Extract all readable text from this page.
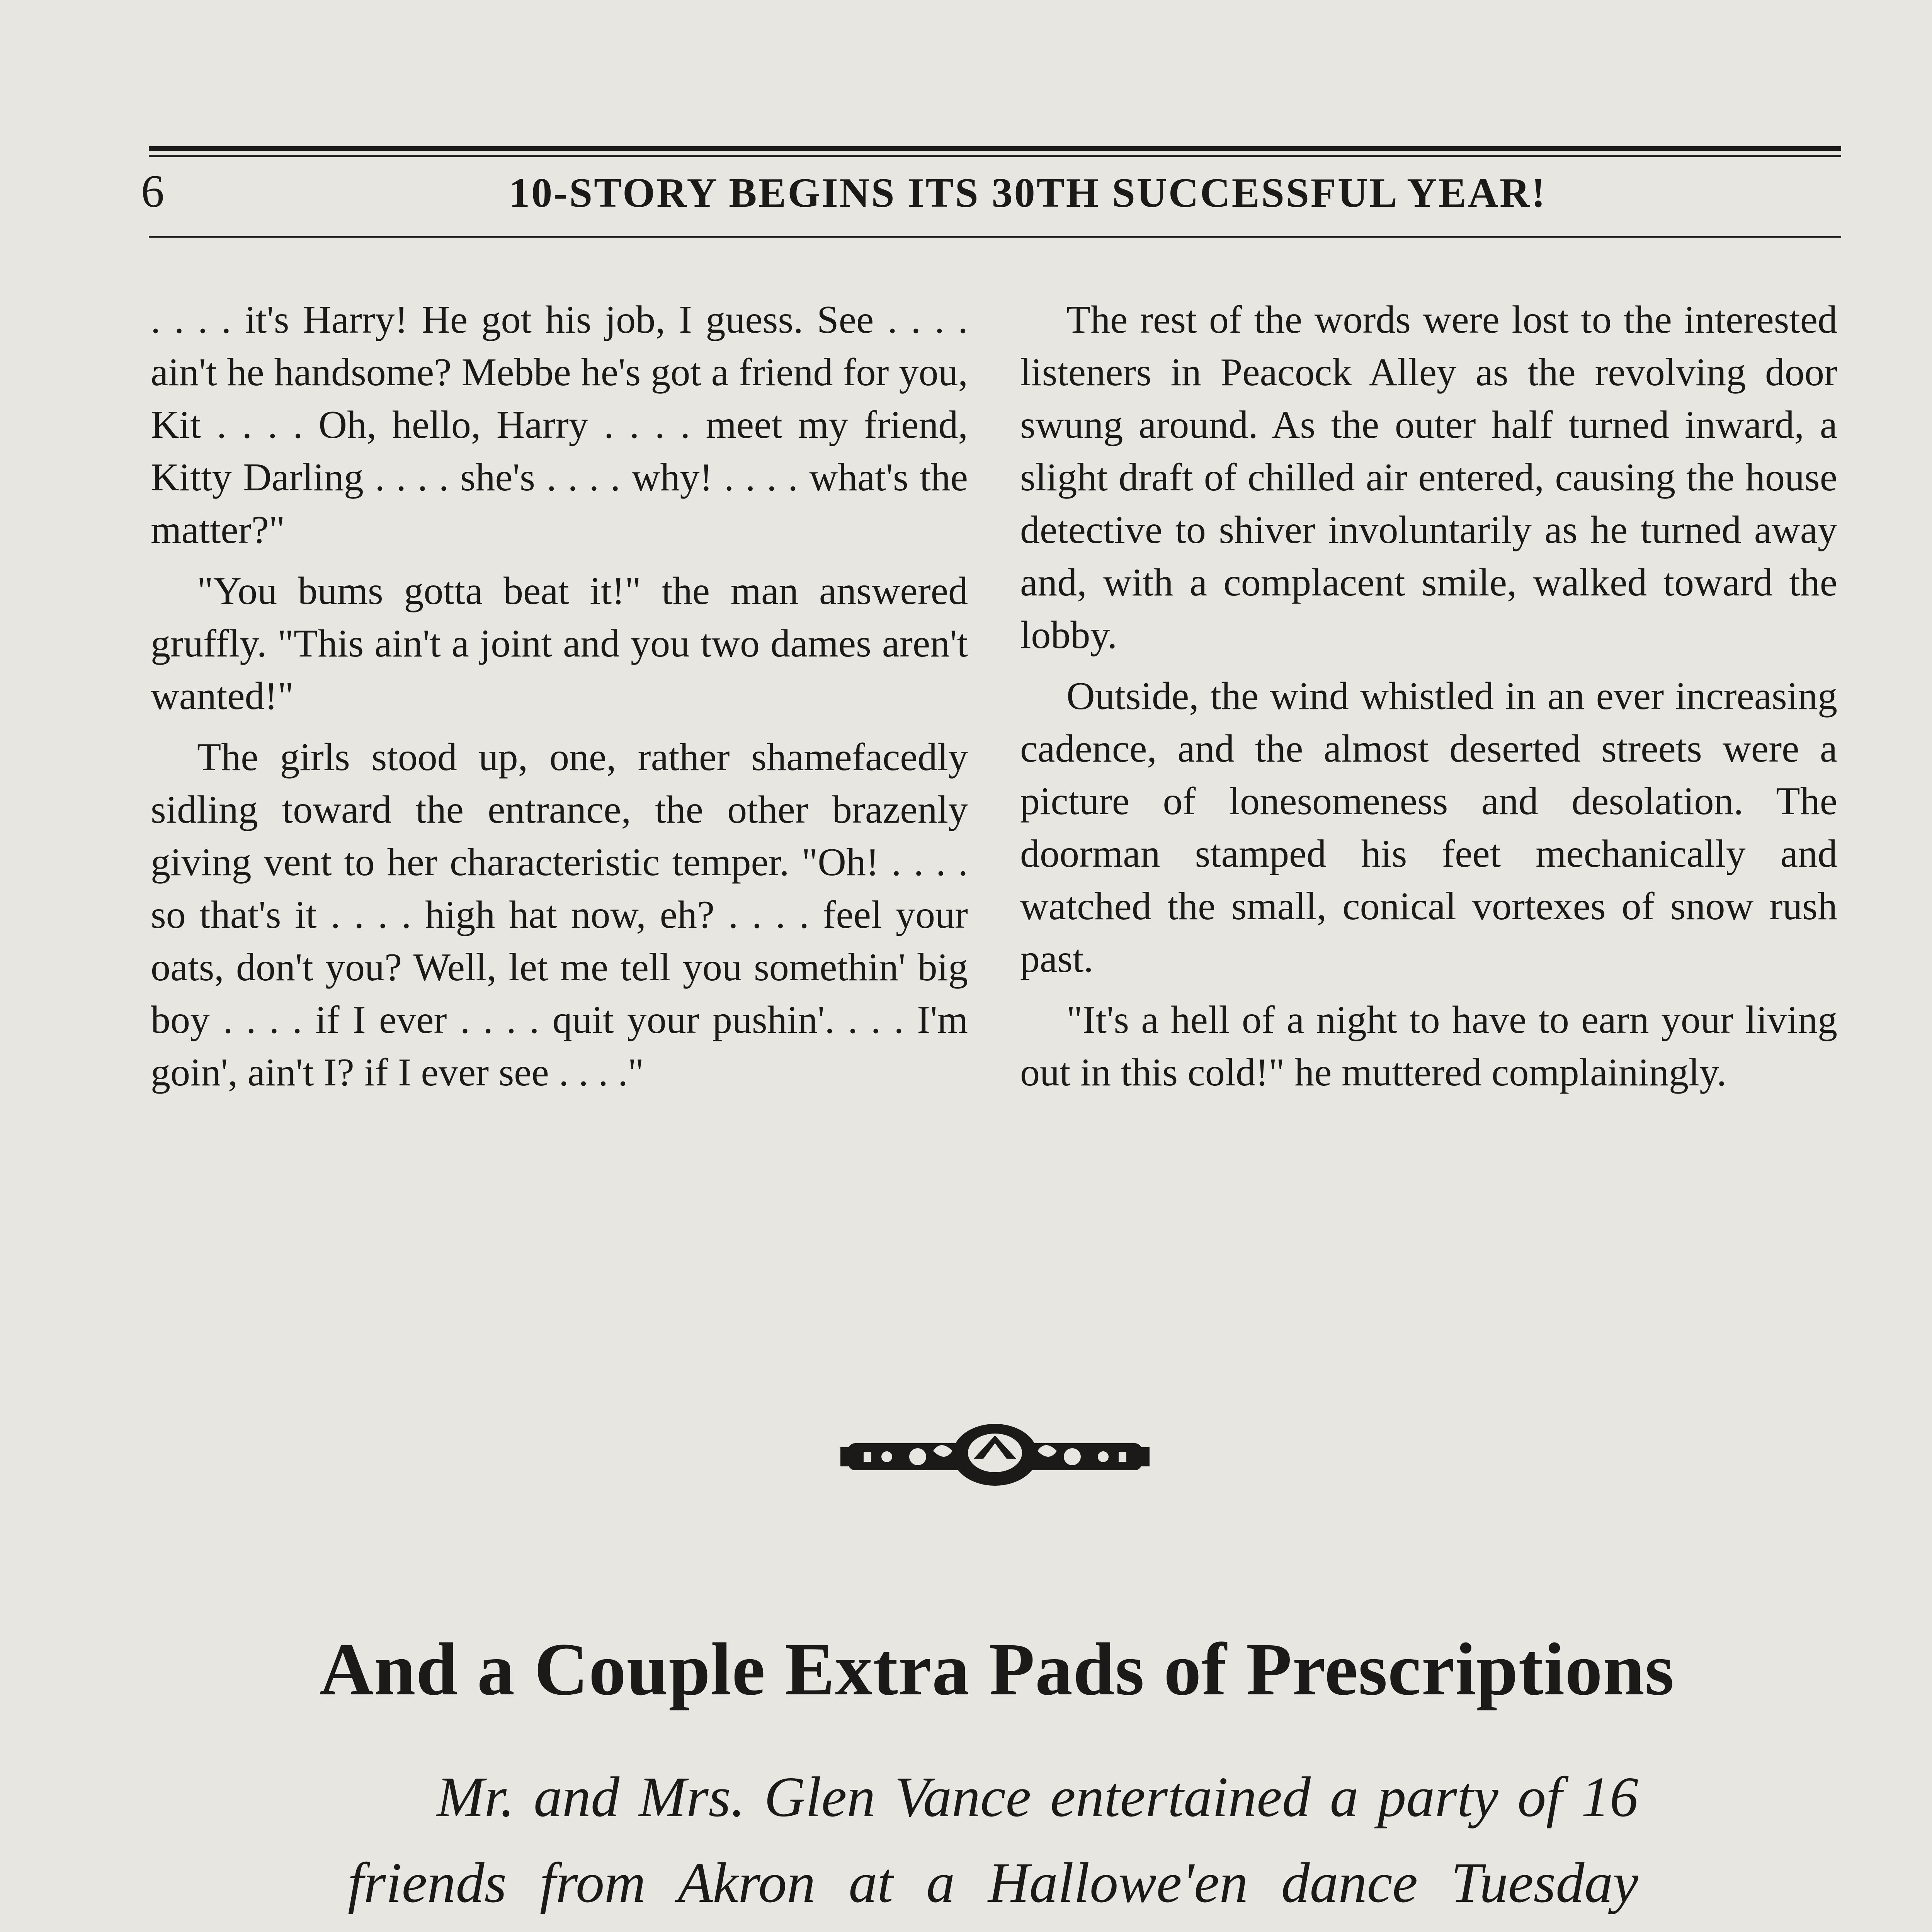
6	10-STORY BEGINS ITS 30TH SUCCESSFUL YEAR!

. . . . it's Harry! He got his job, I guess. See . . . . ain't he handsome? Mebbe he's got a friend for you, Kit . . . . Oh, hello, Harry . . . . meet my friend, Kitty Darling . . . . she's . . . . why! . . . . what's the matter?"

"You bums gotta beat it!" the man answered gruffly. "This ain't a joint and you two dames aren't wanted!"

The girls stood up, one, rather shamefacedly sidling toward the entrance, the other brazenly giving vent to her characteristic temper. "Oh! . . . . so that's it . . . . high hat now, eh? . . . . feel your oats, don't you? Well, let me tell you somethin' big boy . . . . if I ever . . . . quit your pushin'. . . . I'm goin', ain't I? if I ever see . . . ."

The rest of the words were lost to the interested listeners in Peacock Alley as the revolving door swung around. As the outer half turned inward, a slight draft of chilled air entered, causing the house detective to shiver involuntarily as he turned away and, with a complacent smile, walked toward the lobby.

Outside, the wind whistled in an ever increasing cadence, and the almost deserted streets were a picture of lonesomeness and desolation. The doorman stamped his feet mechanically and watched the small, conical vortexes of snow rush past.

"It's a hell of a night to have to earn your living out in this cold!" he muttered complainingly.

And a Couple Extra Pads of Prescriptions

Mr. and Mrs. Glen Vance entertained a party of 16 friends from Akron at a Hallowe'en dance Tuesday
